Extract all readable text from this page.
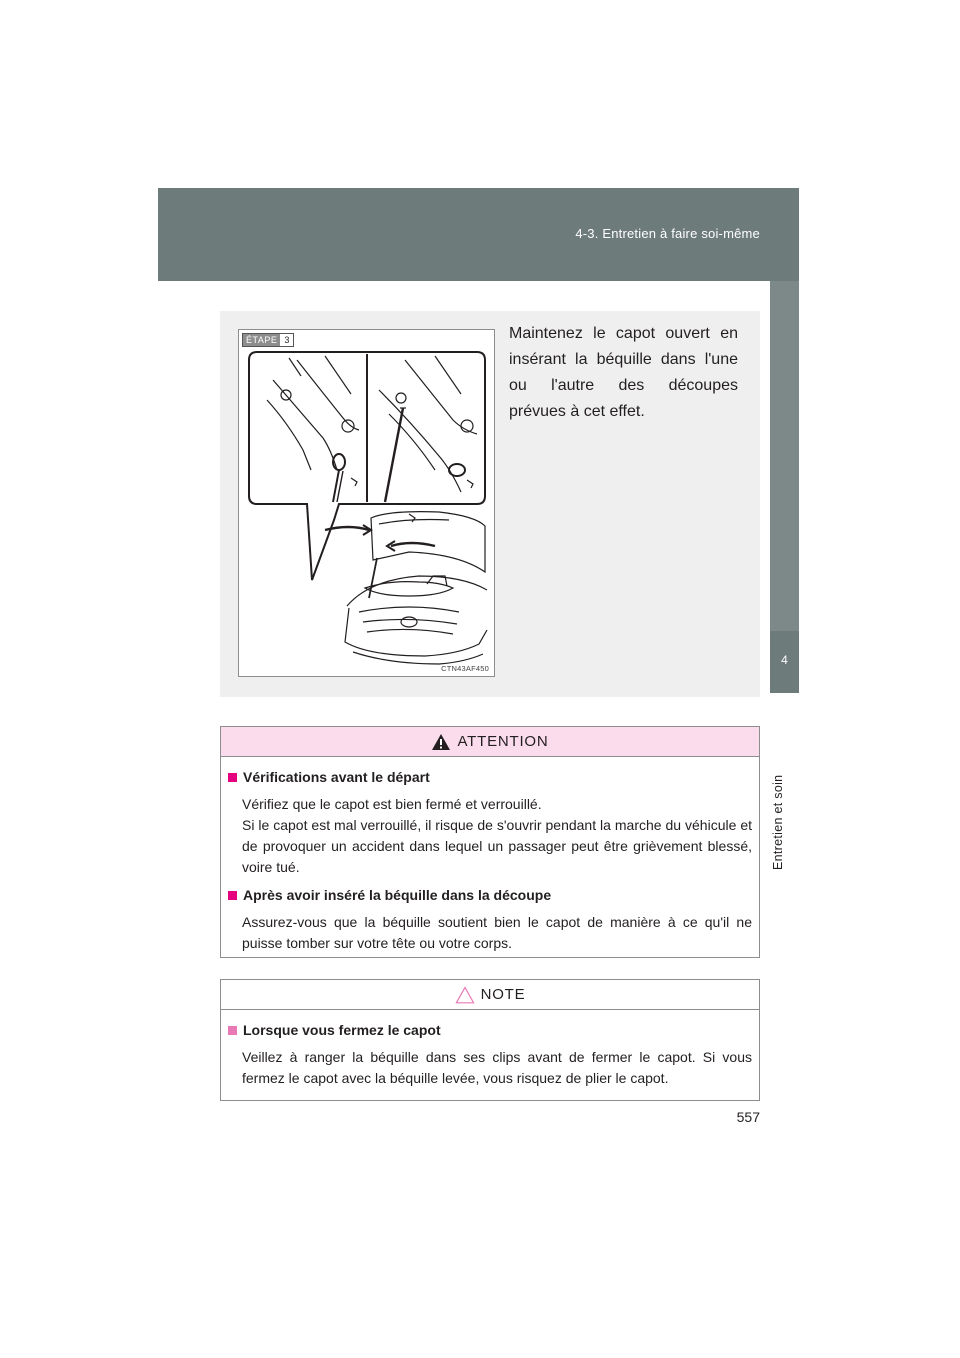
4-3. Entretien à faire soi-même
4
Entretien et soin
ÉTAPE 3
CTN43AF450
Maintenez le capot ouvert en insérant la béquille dans l'une ou l'autre des découpes prévues à cet effet.
ATTENTION
Vérifications avant le départ
Vérifiez que le capot est bien fermé et verrouillé.
Si le capot est mal verrouillé, il risque de s'ouvrir pendant la marche du véhicule et de provoquer un accident dans lequel un passager peut être grièvement blessé, voire tué.
Après avoir inséré la béquille dans la découpe
Assurez-vous que la béquille soutient bien le capot de manière à ce qu'il ne puisse tomber sur votre tête ou votre corps.
NOTE
Lorsque vous fermez le capot
Veillez à ranger la béquille dans ses clips avant de fermer le capot. Si vous fermez le capot avec la béquille levée, vous risquez de plier le capot.
557
